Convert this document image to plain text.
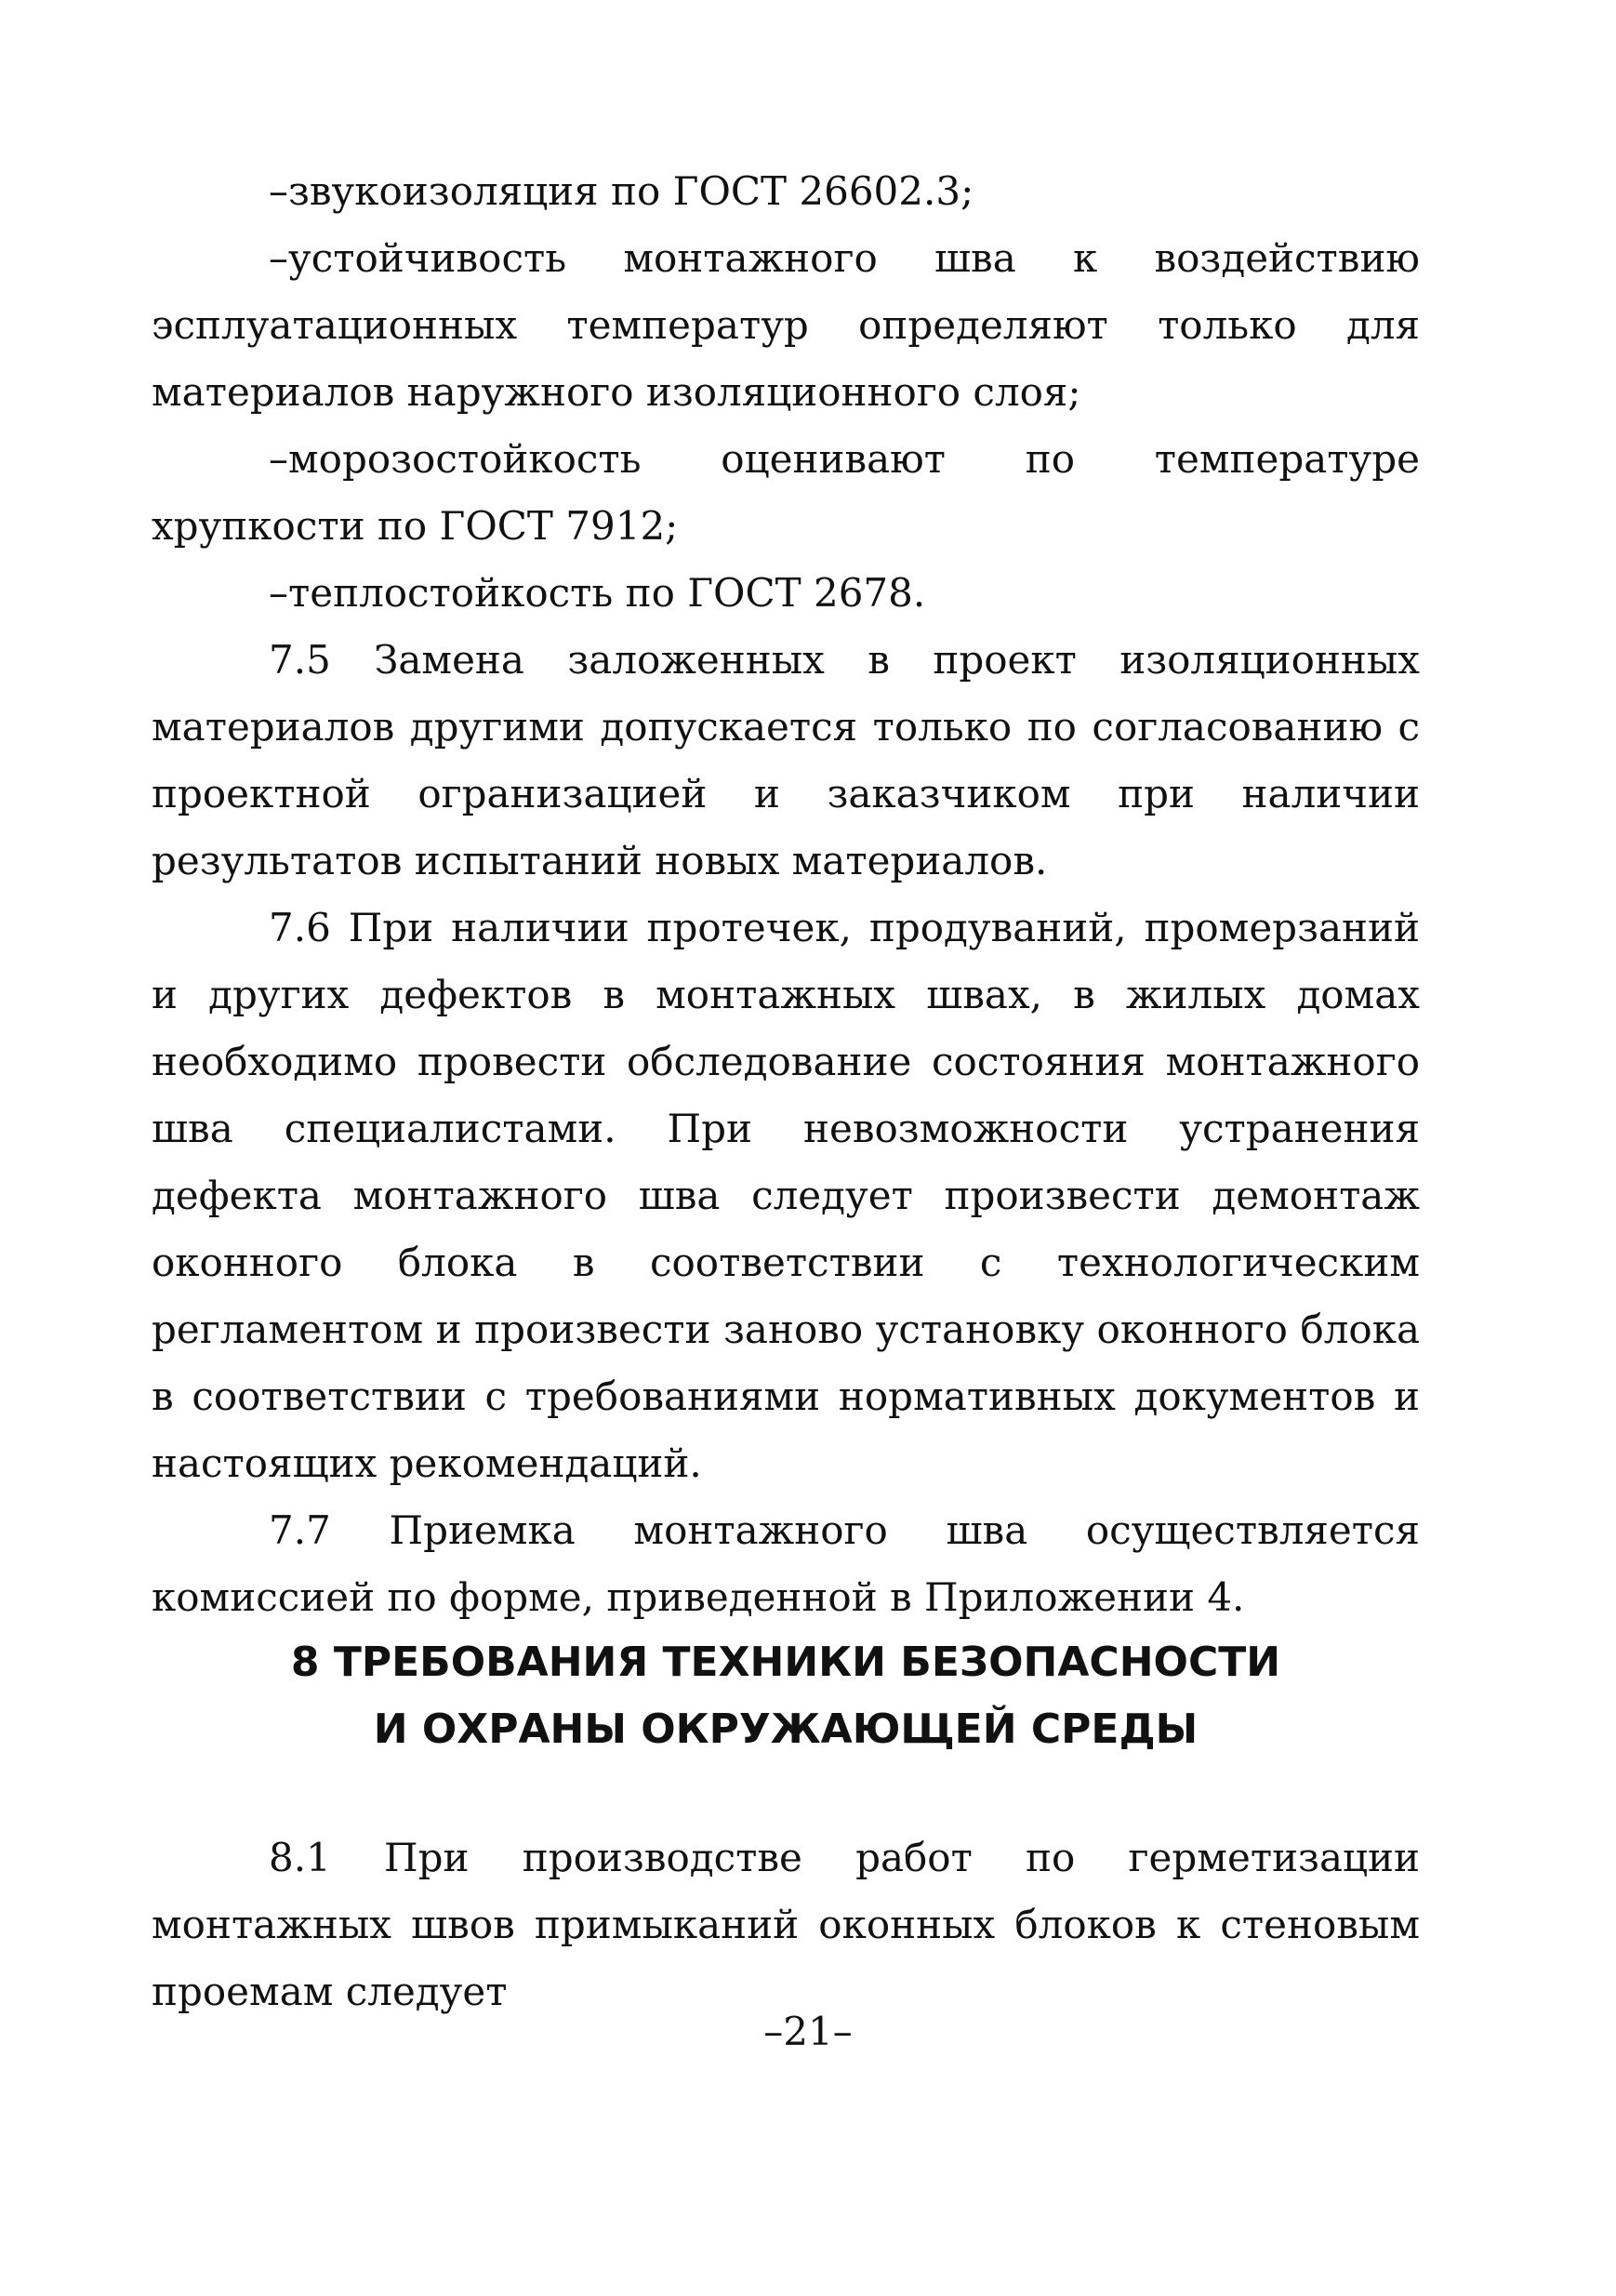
–звукоизоляция по ГОСТ 26602.3;

–устойчивость монтажного шва к воздействию эсплуатационных температур определяют только для материалов наружного изоляционного слоя;

–морозостойкость оценивают по температуре хрупкости по ГОСТ 7912;

–теплостойкость по ГОСТ 2678.

7.5 Замена заложенных в проект изоляционных материалов другими допускается только по согласованию с проектной огранизацией и заказчиком при наличии результатов испытаний новых материалов.

7.6 При наличии протечек, продуваний, промерзаний и других дефектов в монтажных швах, в жилых домах необходимо провести обследование состояния монтажного шва специалистами. При невозможности устранения дефекта монтажного шва следует произвести демонтаж оконного блока в соответствии с технологическим регламентом и произвести заново установку оконного блока в соответствии с требованиями нормативных документов и настоящих рекомендаций.

7.7 Приемка монтажного шва осуществляется комиссией по форме, приведенной в Приложении 4.

8 ТРЕБОВАНИЯ ТЕХНИКИ БЕЗОПАСНОСТИ
И ОХРАНЫ ОКРУЖАЮЩЕЙ СРЕДЫ

8.1 При производстве работ по герметизации монтажных швов примыканий оконных блоков к стеновым проемам следует

–21–
